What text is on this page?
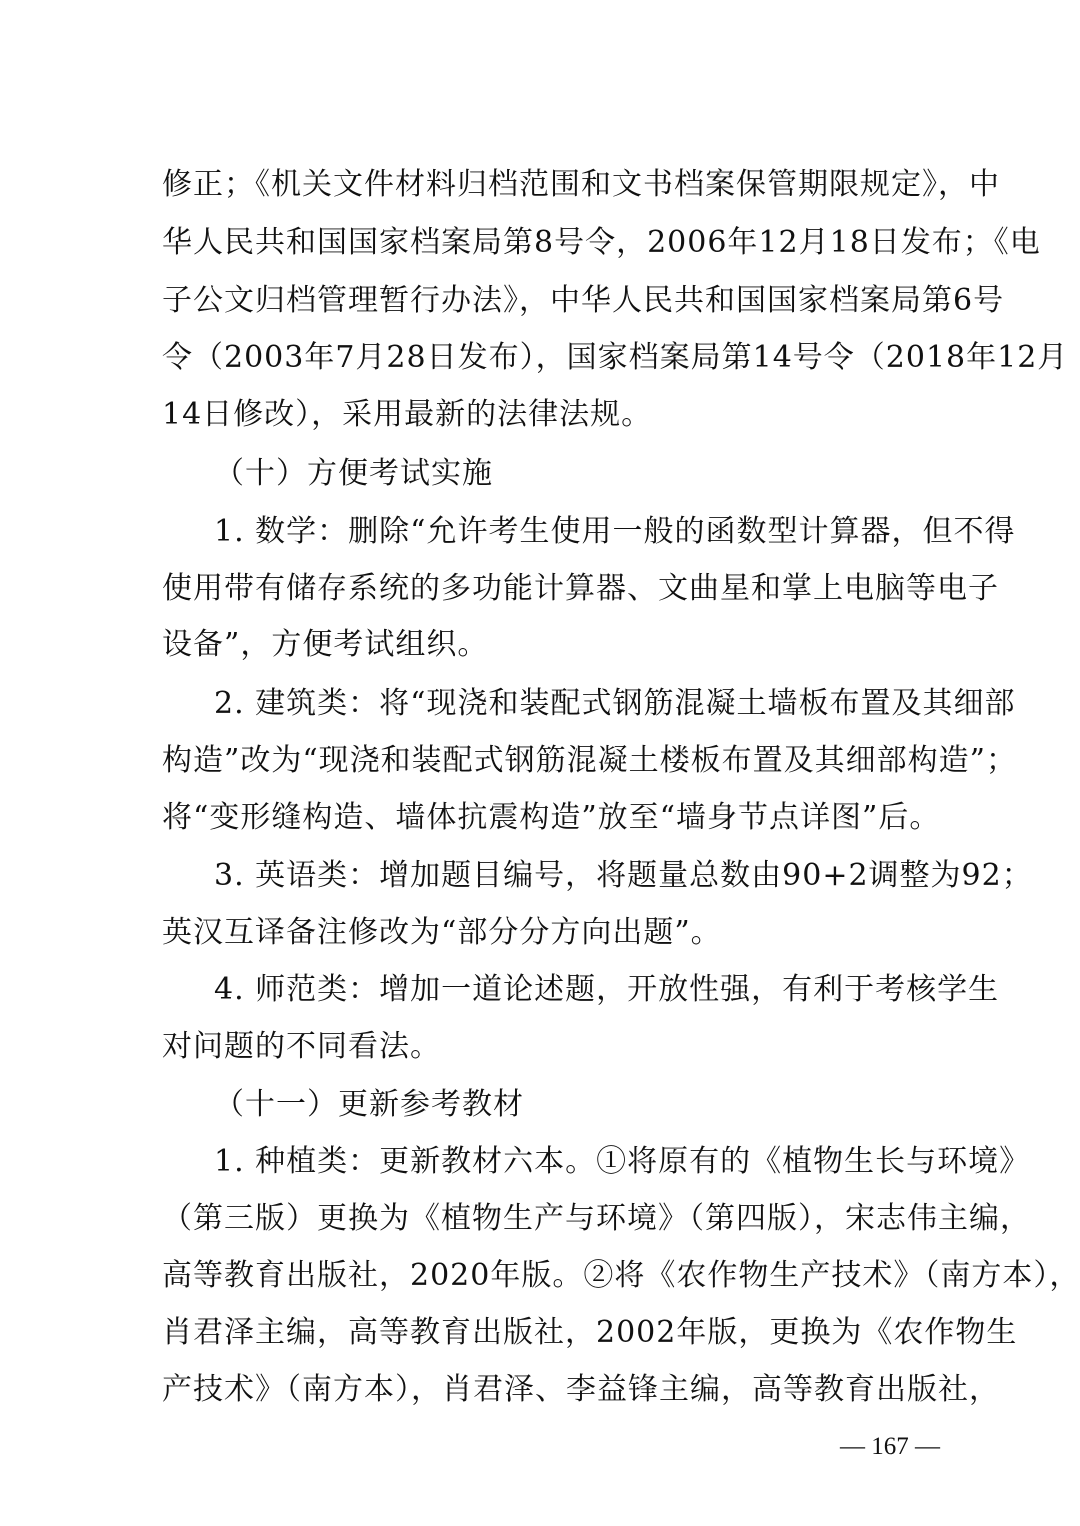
修正；《机关文件材料归档范围和文书档案保管期限规定》，中
华人民共和国国家档案局第8号令，2006年12月18日发布；《电
子公文归档管理暂行办法》，中华人民共和国国家档案局第6号
令（2003年7月28日发布），国家档案局第14号令（2018年12月
14日修改），采用最新的法律法规。
（十）方便考试实施
1. 数学：删除“允许考生使用一般的函数型计算器，但不得
使用带有储存系统的多功能计算器、文曲星和掌上电脑等电子
设备”，方便考试组织。
2. 建筑类：将“现浇和装配式钢筋混凝土墙板布置及其细部
构造”改为“现浇和装配式钢筋混凝土楼板布置及其细部构造”；
将“变形缝构造、墙体抗震构造”放至“墙身节点详图”后。
3. 英语类：增加题目编号，将题量总数由90+2调整为92；
英汉互译备注修改为“部分分方向出题”。
4. 师范类：增加一道论述题，开放性强，有利于考核学生
对问题的不同看法。
（十一）更新参考教材
1. 种植类：更新教材六本。①将原有的《植物生长与环境》
（第三版）更换为《植物生产与环境》（第四版），宋志伟主编，
高等教育出版社，2020年版。②将《农作物生产技术》（南方本），
肖君泽主编，高等教育出版社，2002年版，更换为《农作物生
产技术》（南方本），肖君泽、李益锋主编，高等教育出版社，
— 167 —
